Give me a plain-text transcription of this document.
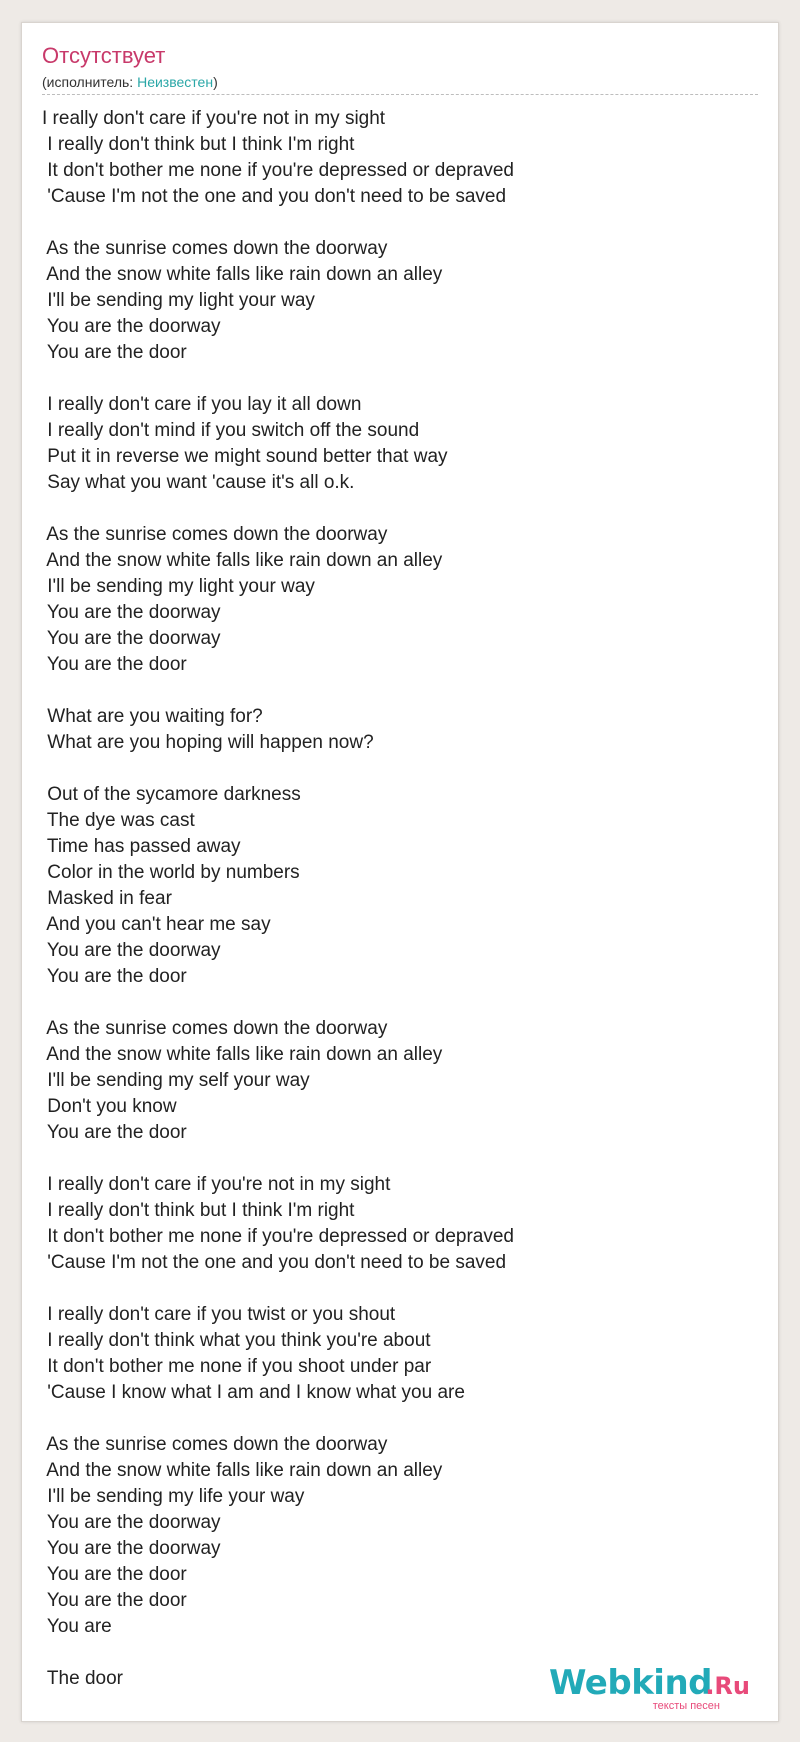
Отсутствует
(исполнитель: Неизвестен)
I really don't care if you're not in my sight
I really don't think but I think I'm right
It don't bother me none if you're depressed or depraved
'Cause I'm not the one and you don't need to be saved
As the sunrise comes down the doorway
And the snow white falls like rain down an alley
I'll be sending my light your way
You are the doorway
You are the door
I really don't care if you lay it all down
I really don't mind if you switch off the sound
Put it in reverse we might sound better that way
Say what you want 'cause it's all o.k.
As the sunrise comes down the doorway
And the snow white falls like rain down an alley
I'll be sending my light your way
You are the doorway
You are the doorway
You are the door
What are you waiting for?
What are you hoping will happen now?
Out of the sycamore darkness
The dye was cast
Time has passed away
Color in the world by numbers
Masked in fear
And you can't hear me say
You are the doorway
You are the door
As the sunrise comes down the doorway
And the snow white falls like rain down an alley
I'll be sending my self your way
Don't you know
You are the door
I really don't care if you're not in my sight
I really don't think but I think I'm right
It don't bother me none if you're depressed or depraved
'Cause I'm not the one and you don't need to be saved
I really don't care if you twist or you shout
I really don't think what you think you're about
It don't bother me none if you shoot under par
'Cause I know what I am and I know what you are
As the sunrise comes down the doorway
And the snow white falls like rain down an alley
I'll be sending my life your way
You are the doorway
You are the doorway
You are the door
You are the door
You are
The door	Webkind
.Ru
тексты песен
